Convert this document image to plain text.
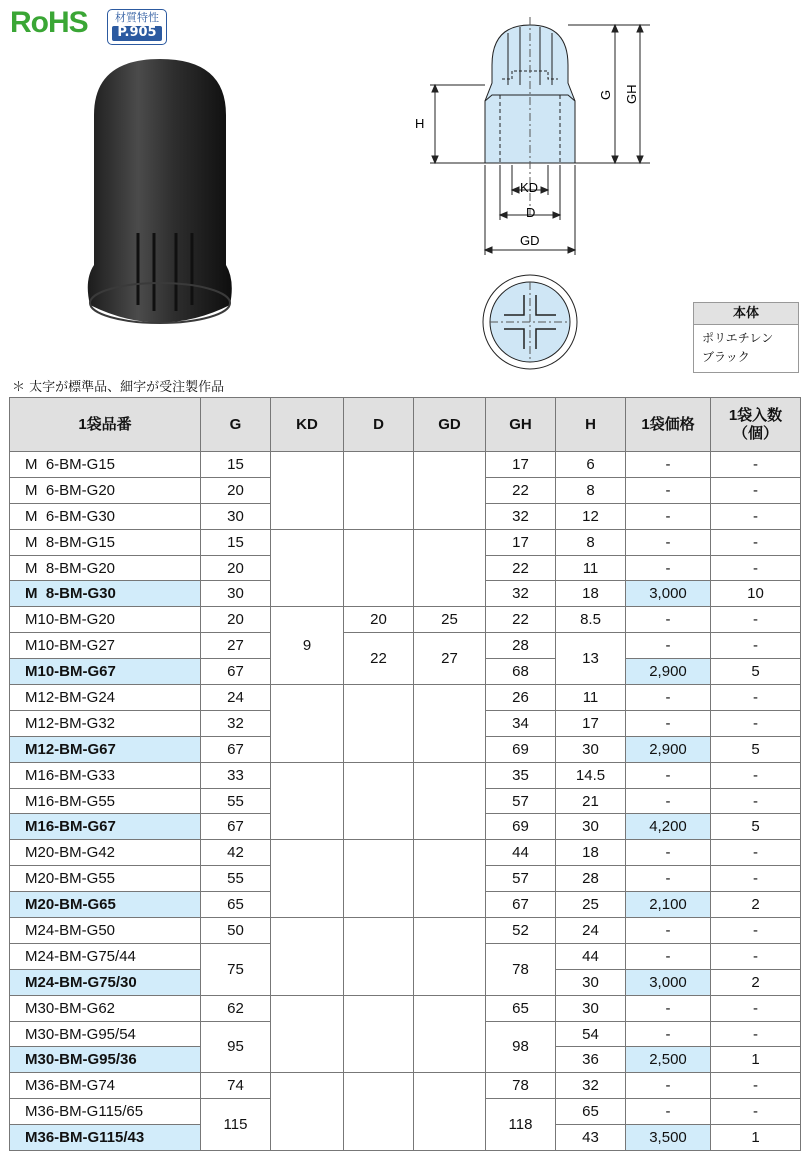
RoHS	材質特性
P.905
H
G GH
KD
D
GD
本体
ポリエチレン
ブラック
＊ 太字が標準品、細字が受注製作品
1袋品番	G	KD	D	GD	GH	H	1袋価格	1袋入数
（個）
M  6-BM-G15	15				17	6	-	-
M  6-BM-G20	20				22	8	-	-
M  6-BM-G30	30				32	12	-	-
M  8-BM-G15	15				17	8	-	-
M  8-BM-G20	20				22	11	-	-
M  8-BM-G30	30				32	18	3,000	10
M10-BM-G20	20	9	20	25	22	8.5	-	-
M10-BM-G27	27		22	27	28	13	-	-
M10-BM-G67	67				68		2,900	5
M12-BM-G24	24				26	11	-	-
M12-BM-G32	32				34	17	-	-
M12-BM-G67	67				69	30	2,900	5
M16-BM-G33	33				35	14.5	-	-
M16-BM-G55	55				57	21	-	-
M16-BM-G67	67				69	30	4,200	5
M20-BM-G42	42				44	18	-	-
M20-BM-G55	55				57	28	-	-
M20-BM-G65	65				67	25	2,100	2
M24-BM-G50	50				52	24	-	-
M24-BM-G75/44	75				78	44	-	-
M24-BM-G75/30						30	3,000	2
M30-BM-G62	62				65	30	-	-
M30-BM-G95/54	95				98	54	-	-
M30-BM-G95/36						36	2,500	1
M36-BM-G74	74				78	32	-	-
M36-BM-G115/65	115				118	65	-	-
M36-BM-G115/43						43	3,500	1
